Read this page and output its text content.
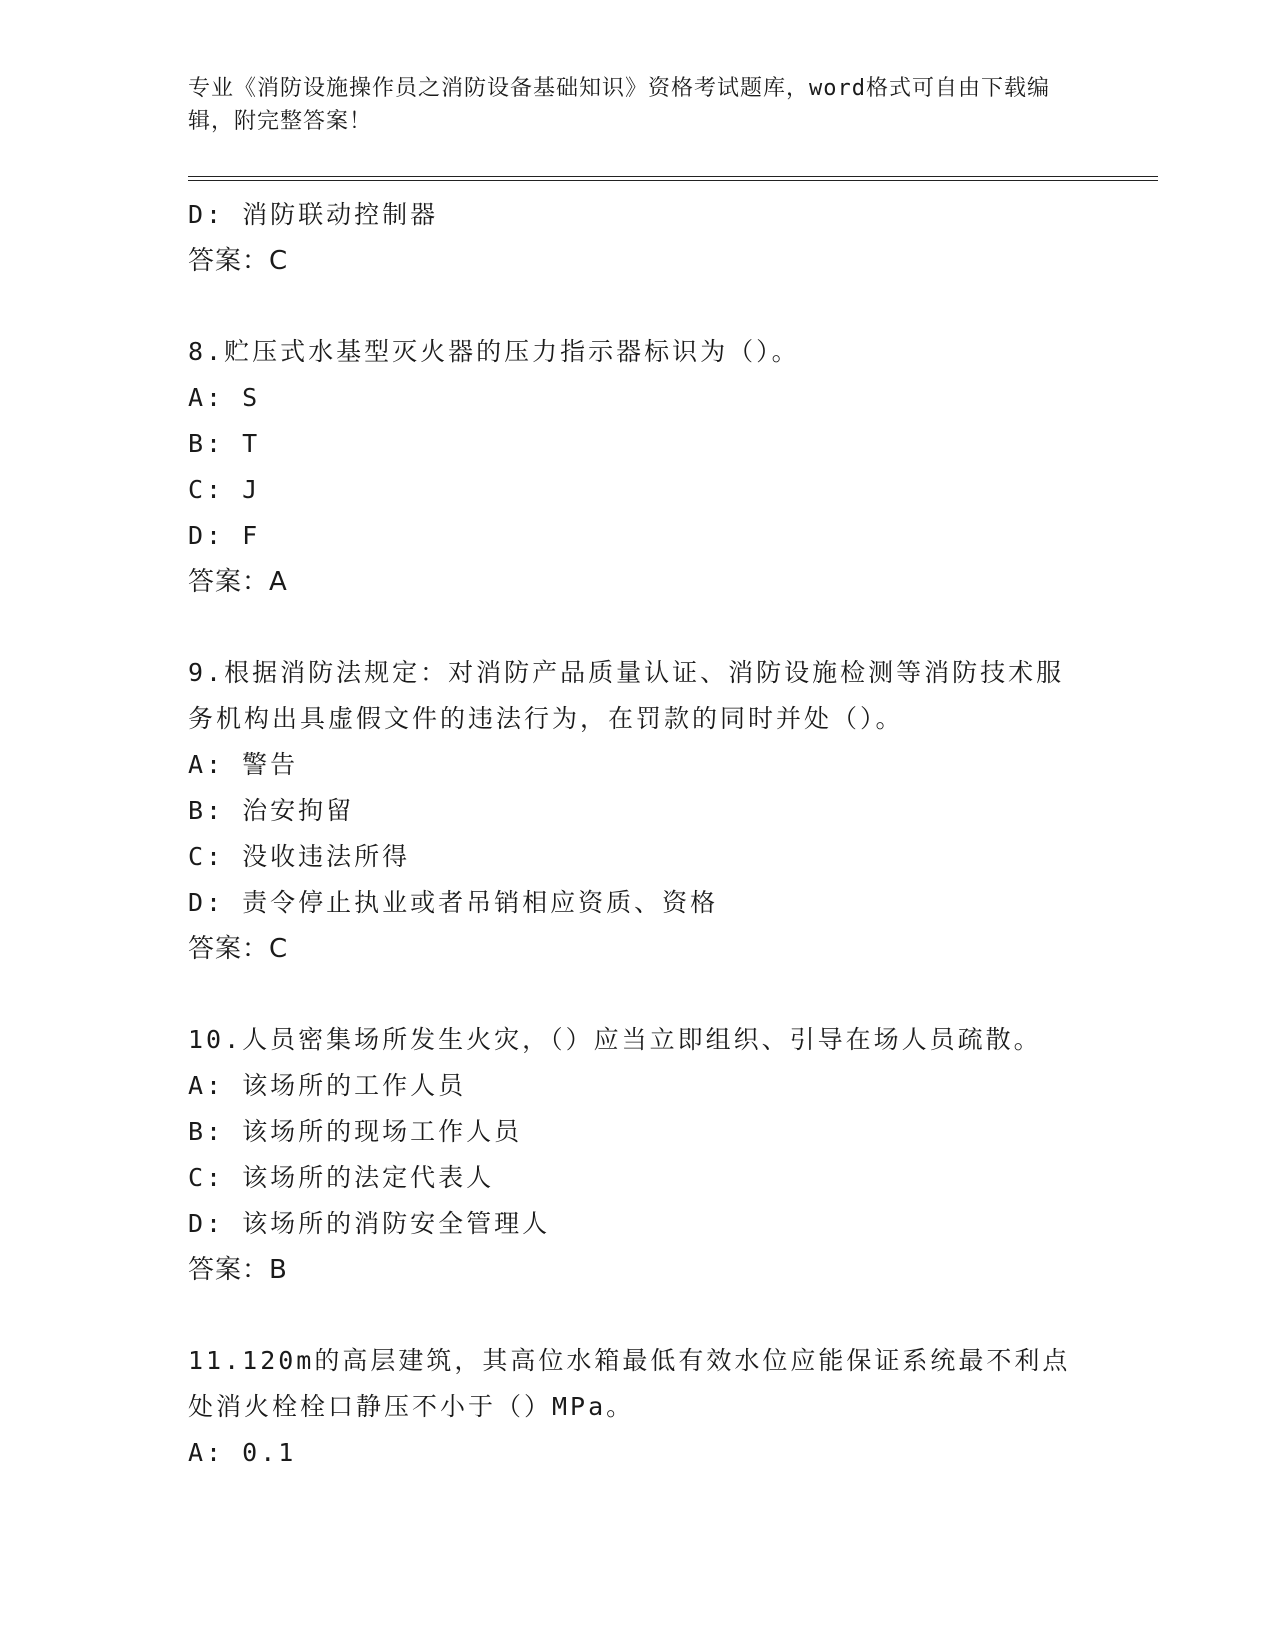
专业《消防设施操作员之消防设备基础知识》资格考试题库，word格式可自由下载编辑，附完整答案！

D: 消防联动控制器
答案：C
8.贮压式水基型灭火器的压力指示器标识为（）。
A: S
B: T
C: J
D: F
答案：A
9.根据消防法规定：对消防产品质量认证、消防设施检测等消防技术服务机构出具虚假文件的违法行为，在罚款的同时并处（）。
A: 警告
B: 治安拘留
C: 没收违法所得
D: 责令停止执业或者吊销相应资质、资格
答案：C
10.人员密集场所发生火灾，（）应当立即组织、引导在场人员疏散。
A: 该场所的工作人员
B: 该场所的现场工作人员
C: 该场所的法定代表人
D: 该场所的消防安全管理人
答案：B
11.120m的高层建筑，其高位水箱最低有效水位应能保证系统最不利点处消火栓栓口静压不小于（）MPa。
A: 0.1
